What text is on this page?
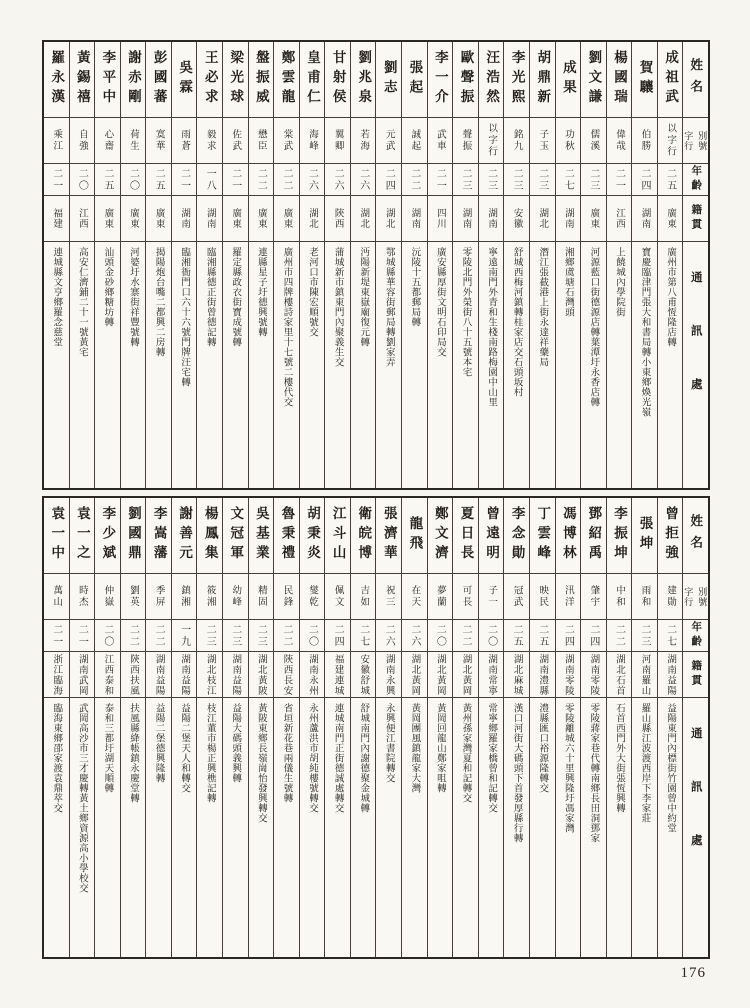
姓名
別號
字行
年齡
籍貫
通訊處
成祖武
以字行
二五
廣東
廣州市第八甫恆隆店轉
賀驤
伯勝
二四
湖南
寶慶臨津門張大和書局轉小東鄉煥光嶺
楊國瑞
偉哉
二一
江西
上饒城內學院街
劉文謙
儒溪
二三
廣東
河源藍口街德源店轉葉潭圩永香店轉
成果
功秋
二七
湖南
湘鄉虞塘石灣頭
胡鼎新
子玉
二三
湖北
潛江張截港上街永達祥藥局
李光熙
銘九
二三
安徽
舒城西梅河鎮轉桂家店交石頭坂村
汪浩然
以字行
二三
湖南
寧遠南門外青和生棧南路梅園中山里
歐聲振
聲振
二三
湖南
零陵北門外榮街八十五號本宅
李一介
武車
二一
四川
廣安縣厚街文明石印局交
張起
誠起
二二
湖南
沅陵十五都郵局轉
劉志
元武
二四
湖北
鄂城縣華容街郵局轉劉家弄
劉兆泉
若海
二六
湖北
沔陽新堤東嶽廟復元轉
甘射侯
翼卿
二六
陝西
蒲城新市鎮東門內聚義生交
皇甫仁
海峰
二六
湖北
老河口市陳宏順號交
鄭雲龍
棠武
二二
廣東
廣州市四牌樓詩家里十七號二樓代交
盤振威
懋臣
二二
廣東
連縣星子圩德興號轉
梁光球
佐武
二一
廣東
羅定縣政衣街寶成號轉
王必求
毅求
一八
湖南
臨湘縣德正街曾德記轉
吳霖
雨蒼
二一
湖南
臨湘衙門口六十六號門牌汪宅轉
彭國蕃
寞華
二五
廣東
揭陽炮台嘴二都興二房轉
謝赤剛
荷生
二〇
廣東
河婆圩水寨街祥豐號轉
李平中
心齋
二五
廣東
汕頭金砂鄉糖坊轉
黃錫禧
自強
二〇
江西
高安仁濟鋪二十一號黃宅
羅永漢
乘江
二一
福建
連城縣文亨鄉羅念慈堂
姓名
別號
字行
年齡
籍貫
通訊處
曾拒強
建勛
二七
湖南益陽
益陽東門內標街竹園曾中約堂
張坤
雨和
二三
河南羅山
羅山縣江波渡西岸下李家莊
李振坤
中和
二二
湖北石首
石首西門外大街張恆興轉
鄧紹禹
肇宇
二四
湖南零陵
零陵蔣家巷代轉南鄉長田洞鄧家
馮博林
汛洋
二四
湖南零陵
零陵離城六十里興隆圩馮家灣
丁雲峰
映民
二五
湖南澧縣
澧縣匯口裕源隆轉交
李念勛
冠武
二五
湖北麻城
漢口河街大碼頭下首發厚縣行轉
曾遠明
子一
二〇
湖南常寧
常寧鄉羅家橋曾和記轉交
夏日長
可長
二二
湖北黃岡
黃州孫家灣夏和記轉交
鄭文濟
夢蘭
二〇
湖北黃岡
黃岡回龍山鄭家咀轉
龍飛
在天
二六
湖北黃岡
黃岡團風鎮龍家大灣
張濟華
祝三
二六
湖南永興
永興便江書院轉交
衛皖博
吉如
二七
安徽舒城
舒城南門內謝德聚金城轉
江斗山
佩文
二四
福建連城
連城南門正街德誠處轉交
胡秉炎
燮乾
二〇
湖南永州
永州蘆洪市胡純樓號轉交
魯秉禮
民鋒
二二
陝西長安
省垣新花巷兩儀生號轉
吳基業
精固
二三
湖北黃陂
黃陂東鄉長嶺崗怡發興轉交
文冠軍
幼峰
二三
湖南益陽
益陽大碼頭義興轉
楊鳳集
筱湘
二三
湖北枝江
枝江董市楊正興樵記轉
謝善元
鎮湘
一九
湖南益陽
益陽二堡天人和轉交
李嵩藩
季屏
二二
湖南益陽
益陽二堡德興隆轉
劉國鼎
劉英
二二
陝西扶風
扶風縣絳帳鎮永慶堂轉
李少斌
仲嶽
二〇
江西泰和
泰和三都圩湖天順轉
袁一之
時杰
二一
湖南武岡
武岡高沙市三才慶轉黃土鄉資源高小學校交
袁一中
萬山
二一
浙江臨海
臨海東鄉邵家渡袁鼎萃交
176
